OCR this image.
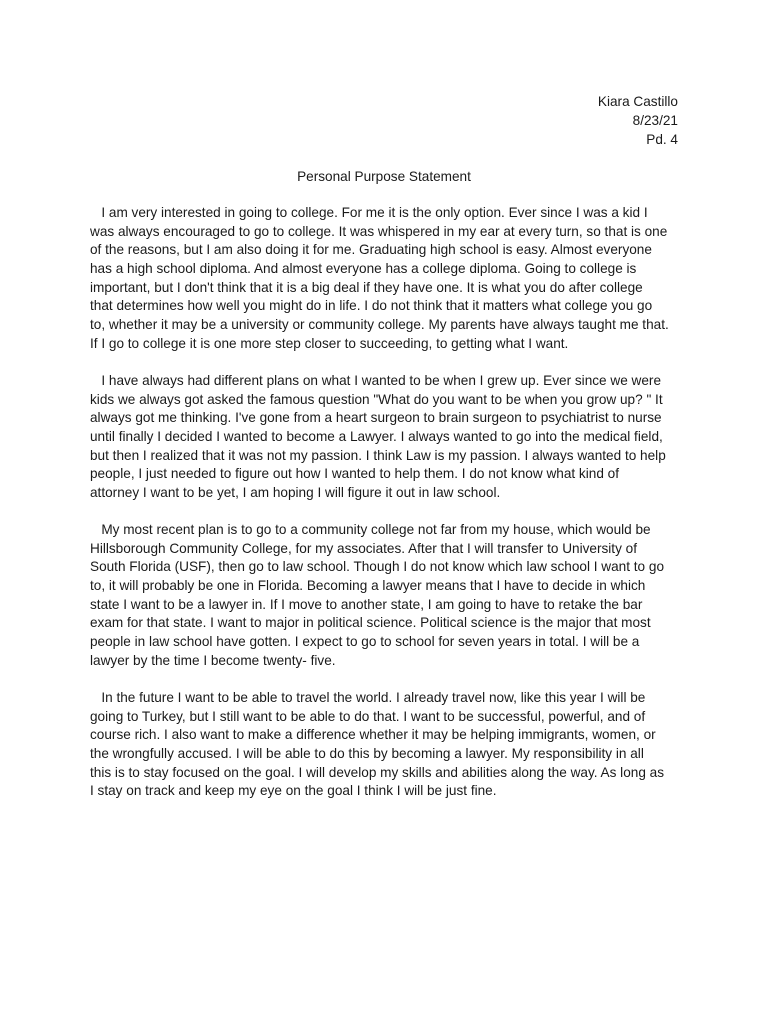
Kiara Castillo
8/23/21
Pd. 4
Personal Purpose Statement

I am very interested in going to college. For me it is the only option. Ever since I was a kid I
was always encouraged to go to college. It was whispered in my ear at every turn, so that is one
of the reasons, but I am also doing it for me. Graduating high school is easy. Almost everyone
has a high school diploma. And almost everyone has a college diploma. Going to college is
important, but I don't think that it is a big deal if they have one. It is what you do after college
that determines how well you might do in life. I do not think that it matters what college you go
to, whether it may be a university or community college. My parents have always taught me that.
If I go to college it is one more step closer to succeeding, to getting what I want.

I have always had different plans on what I wanted to be when I grew up. Ever since we were
kids we always got asked the famous question "What do you want to be when you grow up? " It
always got me thinking. I've gone from a heart surgeon to brain surgeon to psychiatrist to nurse
until finally I decided I wanted to become a Lawyer. I always wanted to go into the medical field,
but then I realized that it was not my passion. I think Law is my passion. I always wanted to help
people, I just needed to figure out how I wanted to help them. I do not know what kind of
attorney I want to be yet, I am hoping I will figure it out in law school.

My most recent plan is to go to a community college not far from my house, which would be
Hillsborough Community College, for my associates. After that I will transfer to University of
South Florida (USF), then go to law school. Though I do not know which law school I want to go
to, it will probably be one in Florida. Becoming a lawyer means that I have to decide in which
state I want to be a lawyer in. If I move to another state, I am going to have to retake the bar
exam for that state. I want to major in political science. Political science is the major that most
people in law school have gotten. I expect to go to school for seven years in total. I will be a
lawyer by the time I become twenty- five.

In the future I want to be able to travel the world. I already travel now, like this year I will be
going to Turkey, but I still want to be able to do that. I want to be successful, powerful, and of
course rich. I also want to make a difference whether it may be helping immigrants, women, or
the wrongfully accused. I will be able to do this by becoming a lawyer. My responsibility in all
this is to stay focused on the goal. I will develop my skills and abilities along the way. As long as
I stay on track and keep my eye on the goal I think I will be just fine.
